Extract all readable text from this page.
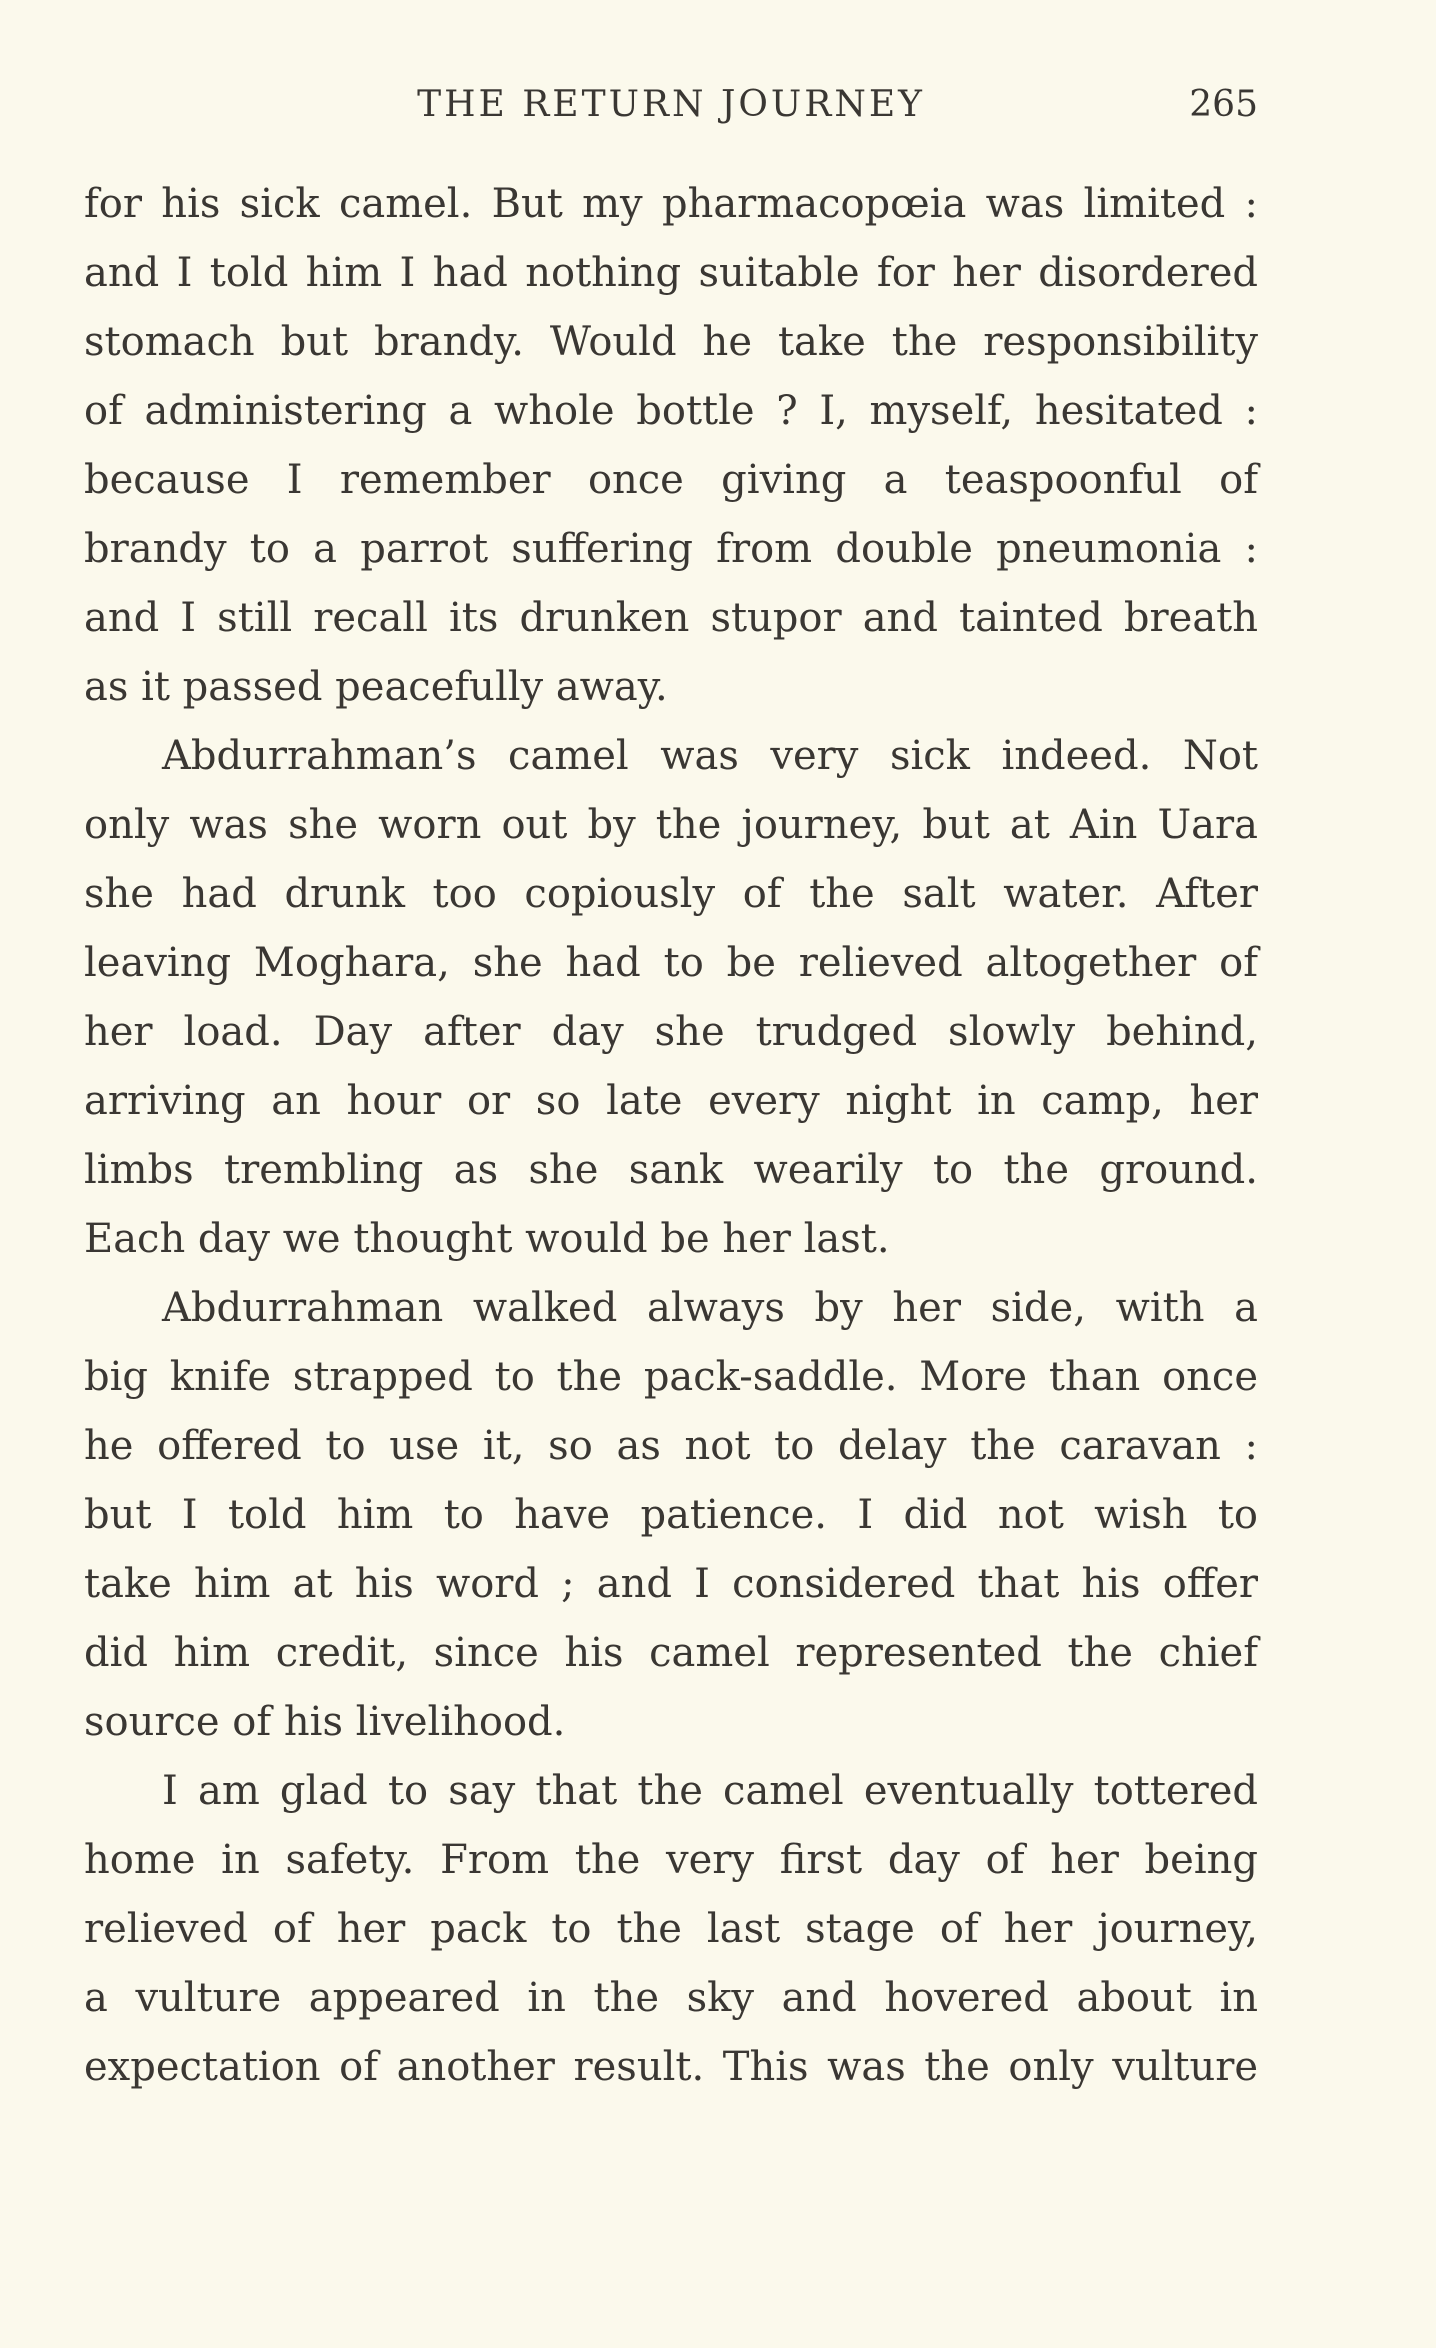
THE RETURN JOURNEY	265
for his sick camel. But my pharmacopœia was limited :
and I told him I had nothing suitable for her disordered
stomach but brandy. Would he take the responsibility
of administering a whole bottle ? I, myself, hesitated :
because I remember once giving a teaspoonful of
brandy to a parrot suffering from double pneumonia :
and I still recall its drunken stupor and tainted breath
as it passed peacefully away.
Abdurrahman’s camel was very sick indeed. Not
only was she worn out by the journey, but at Ain Uara
she had drunk too copiously of the salt water. After
leaving Moghara, she had to be relieved altogether of
her load. Day after day she trudged slowly behind,
arriving an hour or so late every night in camp, her
limbs trembling as she sank wearily to the ground.
Each day we thought would be her last.
Abdurrahman walked always by her side, with a
big knife strapped to the pack-saddle. More than once
he offered to use it, so as not to delay the caravan :
but I told him to have patience. I did not wish to
take him at his word ; and I considered that his offer
did him credit, since his camel represented the chief
source of his livelihood.
I am glad to say that the camel eventually tottered
home in safety. From the very first day of her being
relieved of her pack to the last stage of her journey,
a vulture appeared in the sky and hovered about in
expectation of another result. This was the only vulture
